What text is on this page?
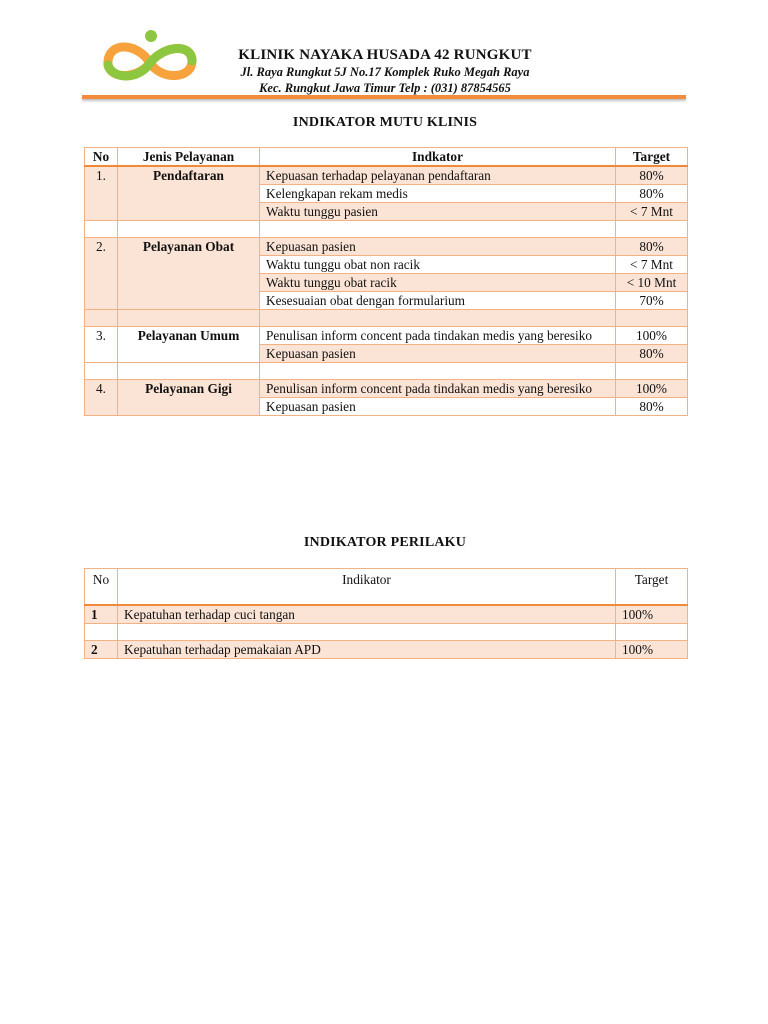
KLINIK NAYAKA HUSADA 42 RUNGKUT
Jl. Raya Rungkut 5J No.17 Komplek Ruko Megah Raya
Kec. Rungkut Jawa Timur Telp : (031) 87854565
INDIKATOR MUTU KLINIS
No	Jenis Pelayanan	Indkator	Target
1.	Pendaftaran	Kepuasan terhadap pelayanan pendaftaran	80%
		Kelengkapan rekam medis	80%
		Waktu tunggu pasien	< 7 Mnt

2.	Pelayanan Obat	Kepuasan pasien	80%
		Waktu tunggu obat non racik	< 7 Mnt
		Waktu tunggu obat racik	< 10 Mnt
		Kesesuaian obat dengan formularium	70%

3.	Pelayanan Umum	Penulisan inform concent pada tindakan medis yang beresiko	100%
		Kepuasan pasien	80%

4.	Pelayanan Gigi	Penulisan inform concent pada tindakan medis yang beresiko	100%
		Kepuasan pasien	80%
INDIKATOR PERILAKU
No	Indikator	Target
1	Kepatuhan terhadap cuci tangan	100%

2	Kepatuhan terhadap pemakaian APD	100%
